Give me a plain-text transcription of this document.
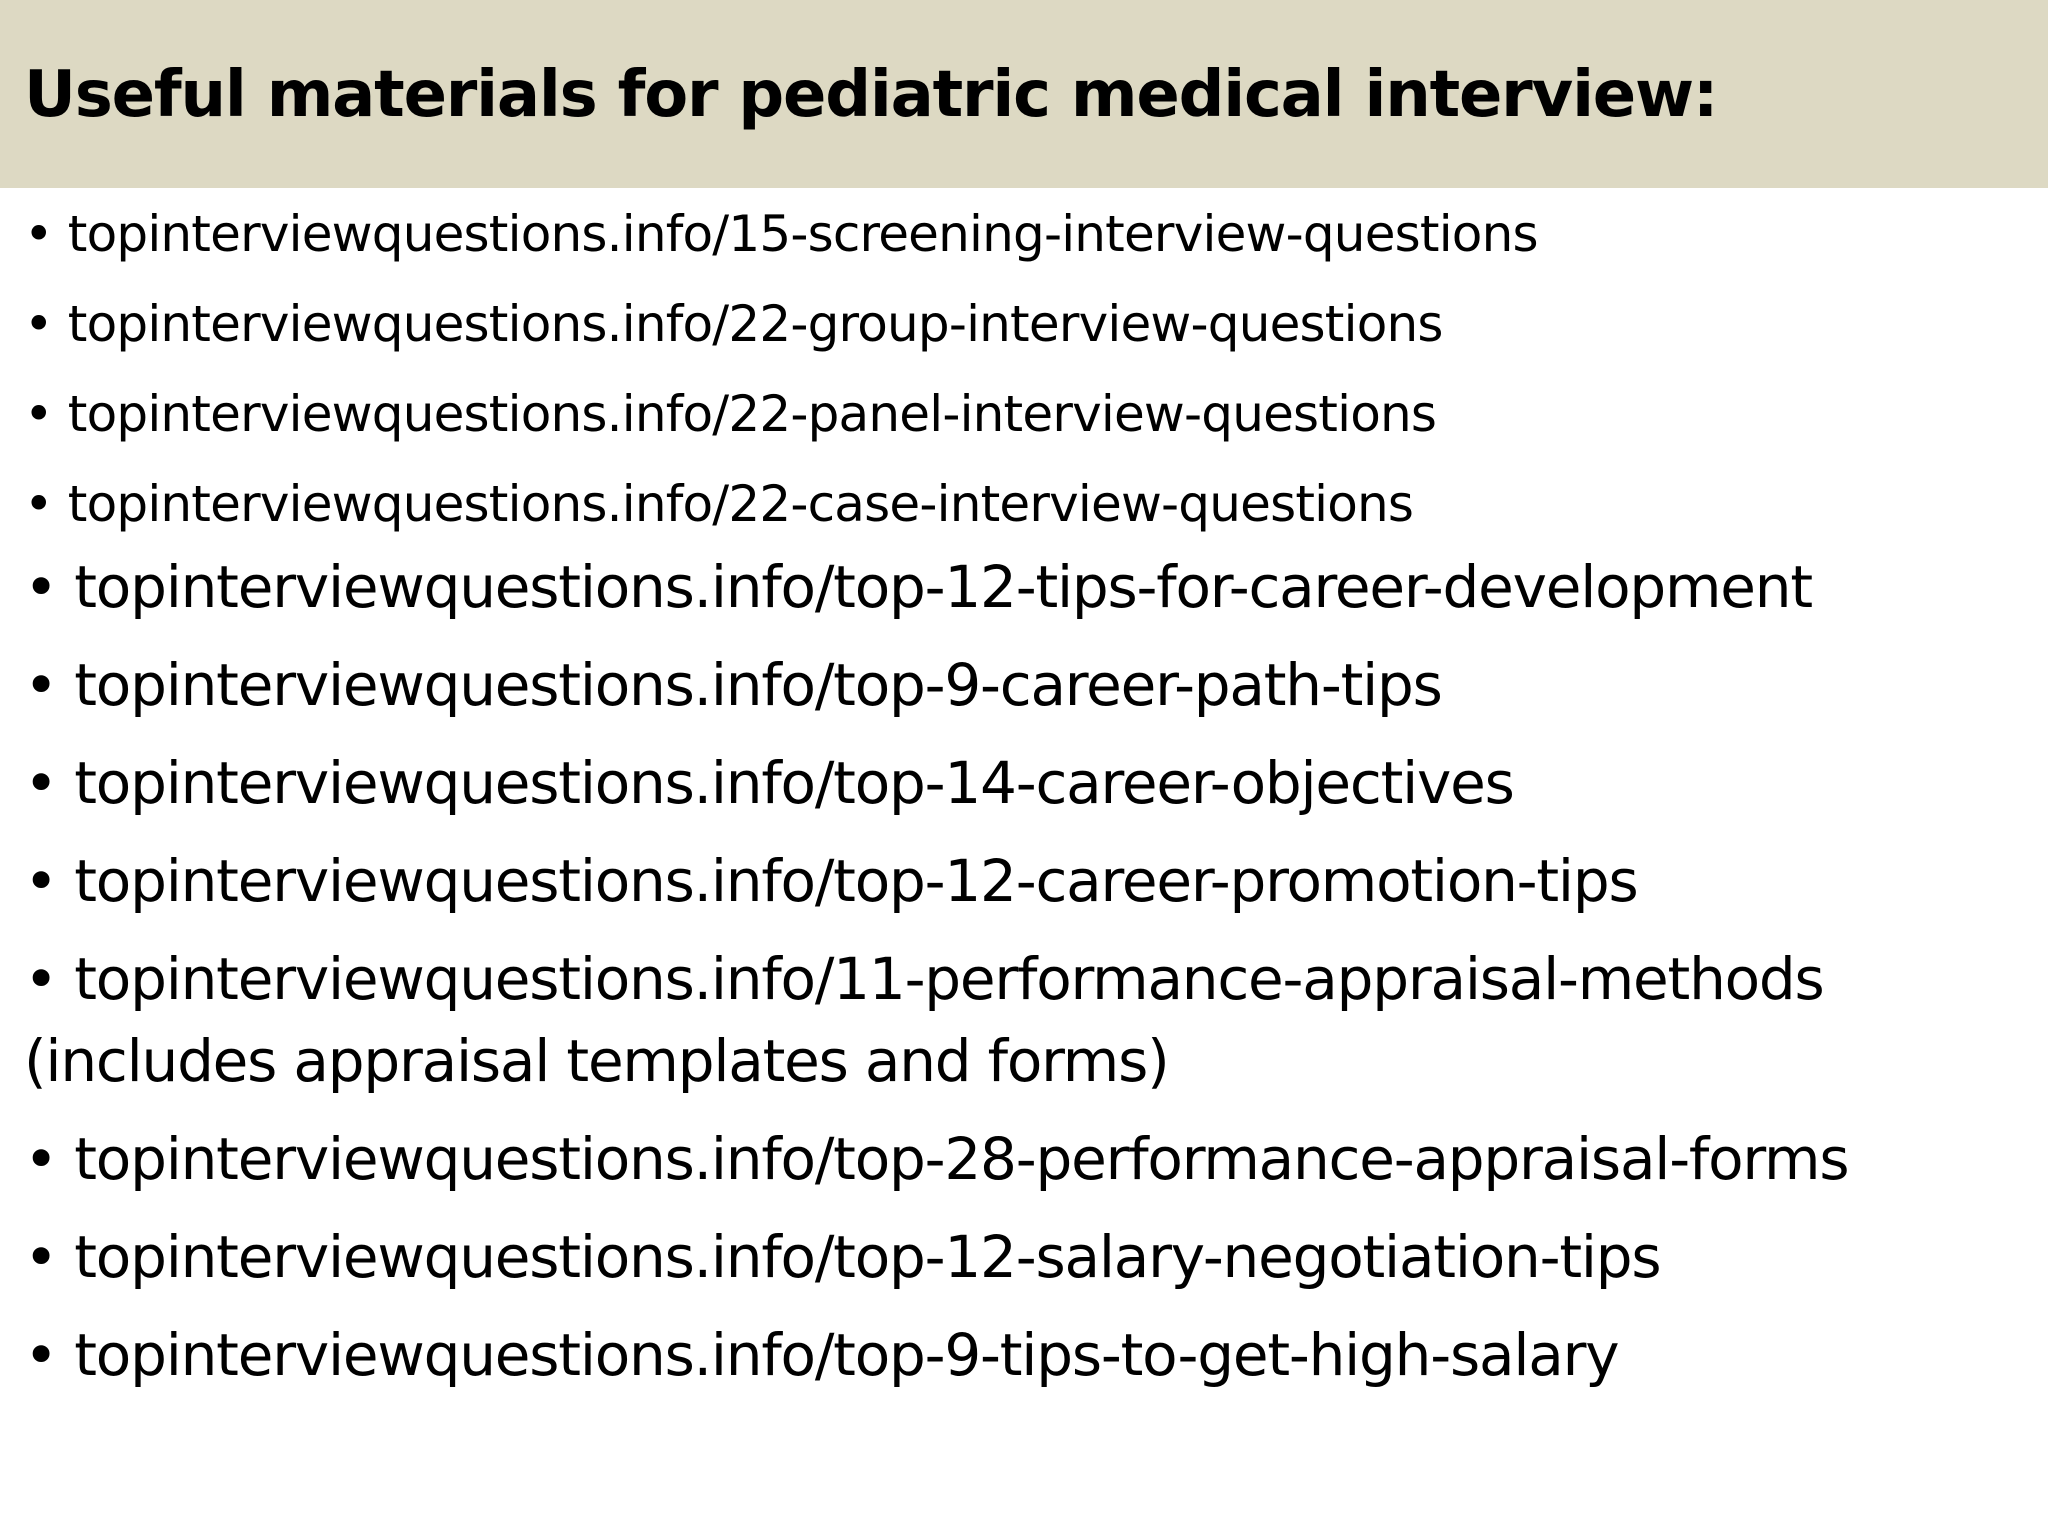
Useful materials for pediatric medical interview:

• topinterviewquestions.info/15-screening-interview-questions

• topinterviewquestions.info/22-group-interview-questions

• topinterviewquestions.info/22-panel-interview-questions

• topinterviewquestions.info/22-case-interview-questions

• topinterviewquestions.info/top-12-tips-for-career-development

• topinterviewquestions.info/top-9-career-path-tips

• topinterviewquestions.info/top-14-career-objectives

• topinterviewquestions.info/top-12-career-promotion-tips

• topinterviewquestions.info/11-performance-appraisal-methods

(includes appraisal templates and forms)

• topinterviewquestions.info/top-28-performance-appraisal-forms

• topinterviewquestions.info/top-12-salary-negotiation-tips

• topinterviewquestions.info/top-9-tips-to-get-high-salary
